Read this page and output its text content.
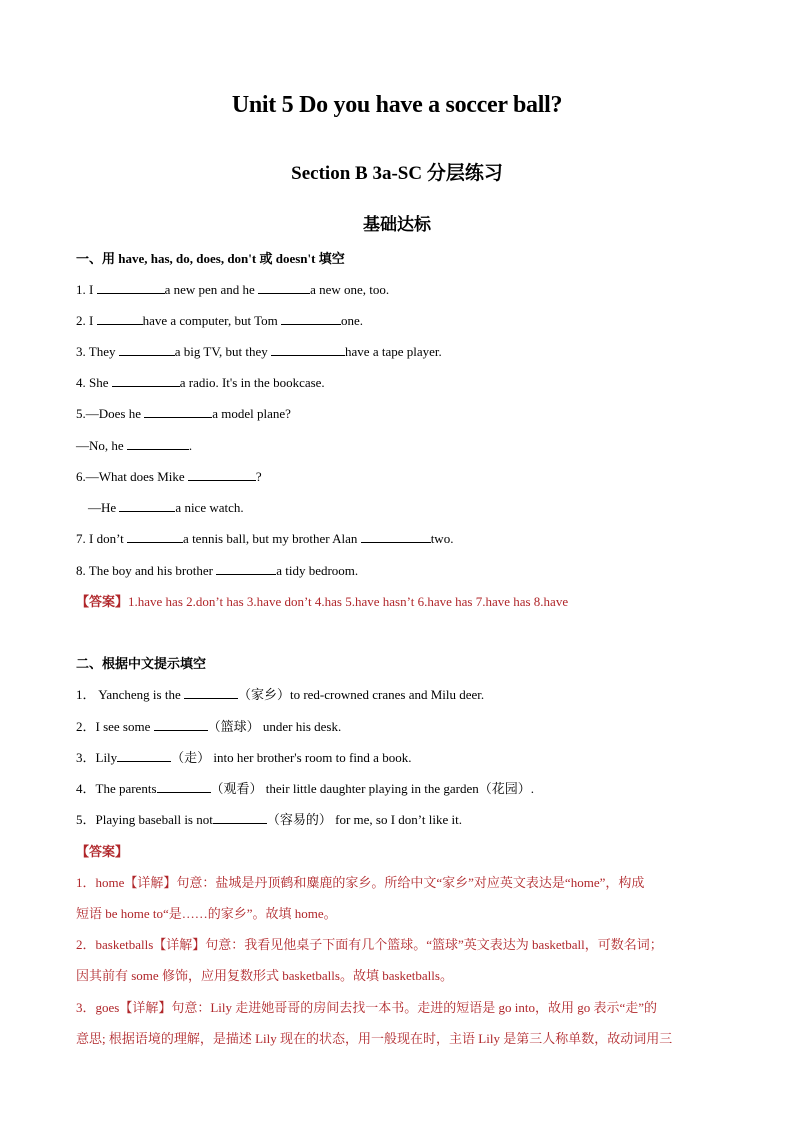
Unit 5 Do you have a soccer ball?
Section B 3a-SC 分层练习
基础达标
一、用 have, has, do, does, don't 或 doesn't 填空
1. I	a new pen and he	a new one, too.
2. I	have a computer, but Tom	one.
3. They	a big TV, but they	have a tape player.
4. She	a radio. It's in the bookcase.
5.—Does he	a model plane?
—No, he	.
6.—What does Mike	?
—He	a nice watch.
7. I don’t	a tennis ball, but my brother Alan	two.
8. The boy and his brother	a tidy bedroom.
【答案】1.have has 2.don’t has 3.have don’t 4.has 5.have hasn’t 6.have has 7.have has 8.have
二、根据中文提示填空
1． Yancheng is the	（家乡）to red-crowned cranes and Milu deer.
2．I see some	（篮球） under his desk.
3．Lily	（走） into her brother's room to find a book.
4．The parents	（观看） their little daughter playing in the garden（花园）.
5．Playing baseball is not	（容易的） for me, so I don’t like it.
【答案】
1．home【详解】句意：盐城是丹顶鹤和麋鹿的家乡。所给中文“家乡”对应英文表达是“home”，构成
短语 be home to“是……的家乡”。故填 home。
2．basketballs【详解】句意：我看见他桌子下面有几个篮球。“篮球”英文表达为 basketball，可数名词；
因其前有 some 修饰，应用复数形式 basketballs。故填 basketballs。
3．goes【详解】句意：Lily 走进她哥哥的房间去找一本书。走进的短语是 go into，故用 go 表示“走”的
意思; 根据语境的理解，是描述 Lily 现在的状态，用一般现在时，主语 Lily 是第三人称单数，故动词用三
